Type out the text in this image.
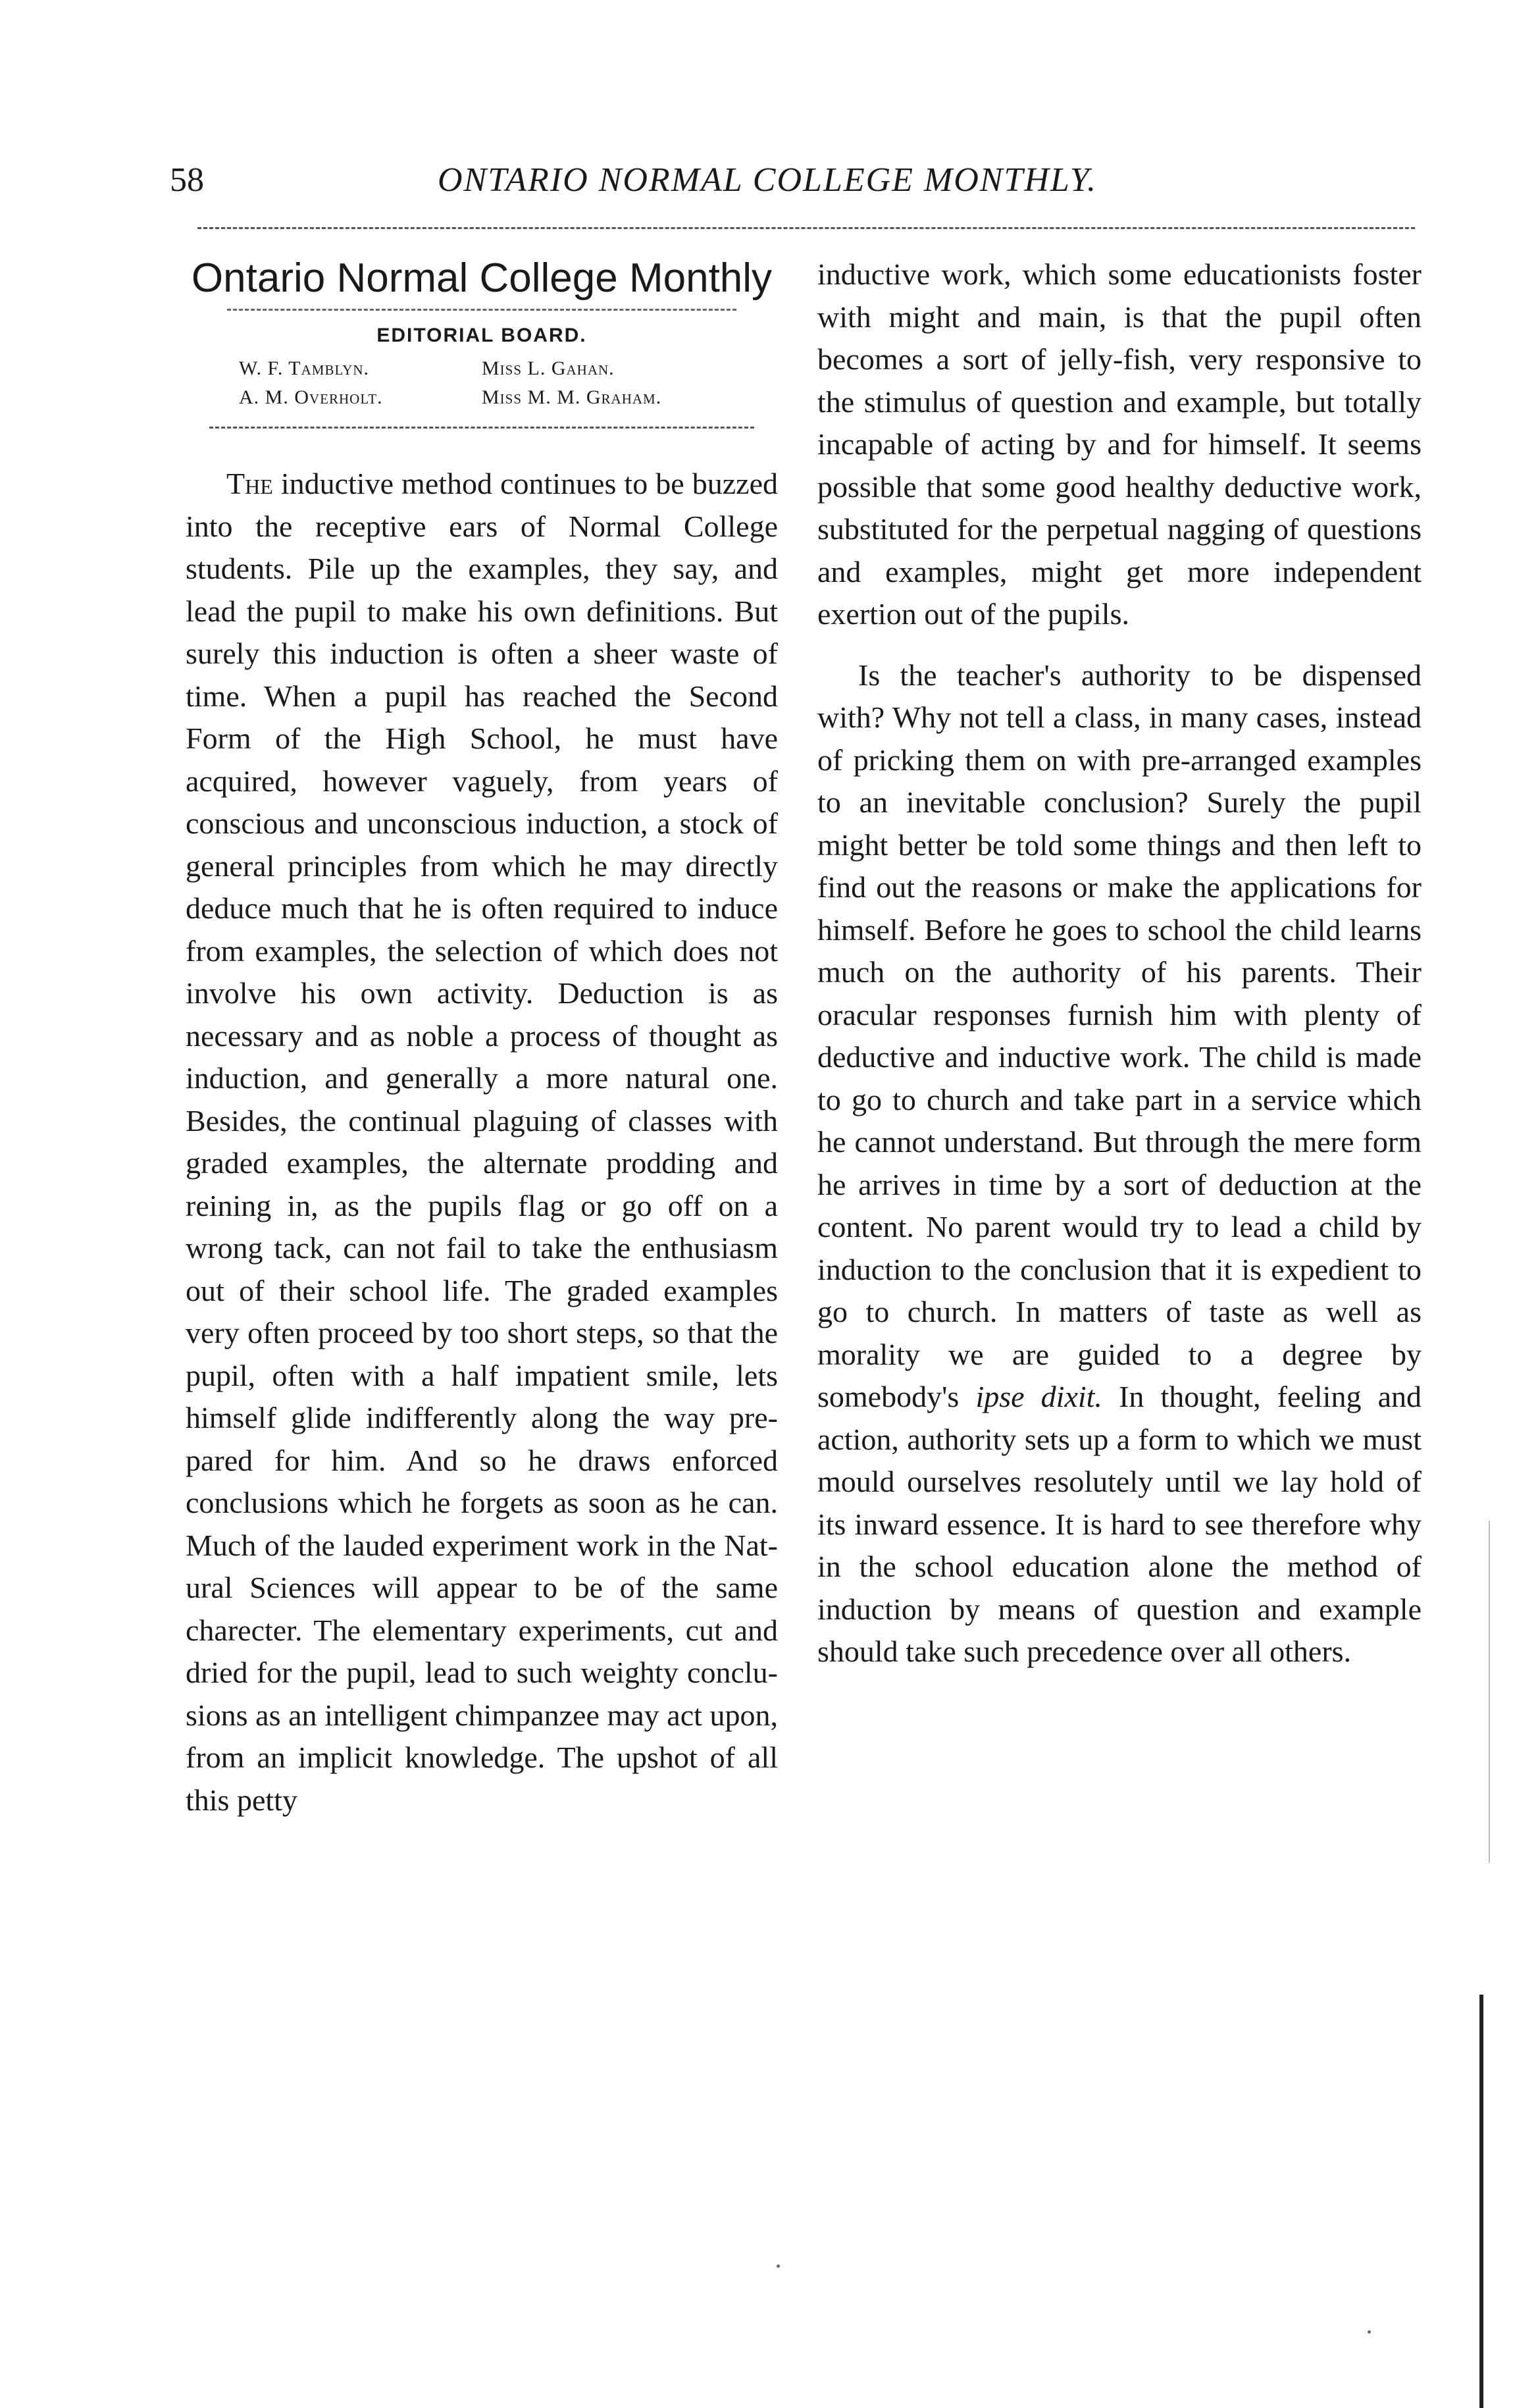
58	ONTARIO NORMAL COLLEGE MONTHLY.
Ontario Normal College Monthly
EDITORIAL BOARD.
W. F. Tamblyn.	Miss L. Gahan.
A. M. Overholt.	Miss M. M. Graham.

The inductive method continues to be buzzed into the receptive ears of Normal College students. Pile up the examples, they say, and lead the pupil to make his own definitions. But surely this induction is often a sheer waste of time. When a pupil has reached the Second Form of the High School, he must have acquired, however vaguely, from years of conscious and unconscious induction, a stock of general principles from which he may directly deduce much that he is often required to induce from examples, the selection of which does not involve his own activity. Deduction is as necessary and as noble a process of thought as induction, and generally a more natural one. Besides, the continual plaguing of classes with graded examples, the alternate prodding and reining in, as the pupils flag or go off on a wrong tack, can not fail to take the enthusiasm out of their school life. The graded examples very often proceed by too short steps, so that the pupil, often with a half impatient smile, lets himself glide indifferently along the way prepared for him. And so he draws enforced conclusions which he forgets as soon as he can. Much of the lauded experiment work in the Natural Sciences will appear to be of the same charecter. The elementary experiments, cut and dried for the pupil, lead to such weighty conclusions as an intelligent chimpanzee may act upon, from an implicit knowledge. The upshot of all this petty

inductive work, which some educationists foster with might and main, is that the pupil often becomes a sort of jelly-fish, very responsive to the stimulus of question and example, but totally incapable of acting by and for himself. It seems possible that some good healthy deductive work, substituted for the perpetual nagging of questions and examples, might get more independent exertion out of the pupils.

Is the teacher's authority to be dispensed with? Why not tell a class, in many cases, instead of pricking them on with pre-arranged examples to an inevitable conclusion? Surely the pupil might better be told some things and then left to find out the reasons or make the applications for himself. Before he goes to school the child learns much on the authority of his parents. Their oracular responses furnish him with plenty of deductive and inductive work. The child is made to go to church and take part in a service which he cannot understand. But through the mere form he arrives in time by a sort of deduction at the content. No parent would try to lead a child by induction to the conclusion that it is expedient to go to church. In matters of taste as well as morality we are guided to a degree by somebody's ipse dixit. In thought, feeling and action, authority sets up a form to which we must mould ourselves resolutely until we lay hold of its inward essence. It is hard to see therefore why in the school education alone the method of induction by means of question and example should take such precedence over all others.
